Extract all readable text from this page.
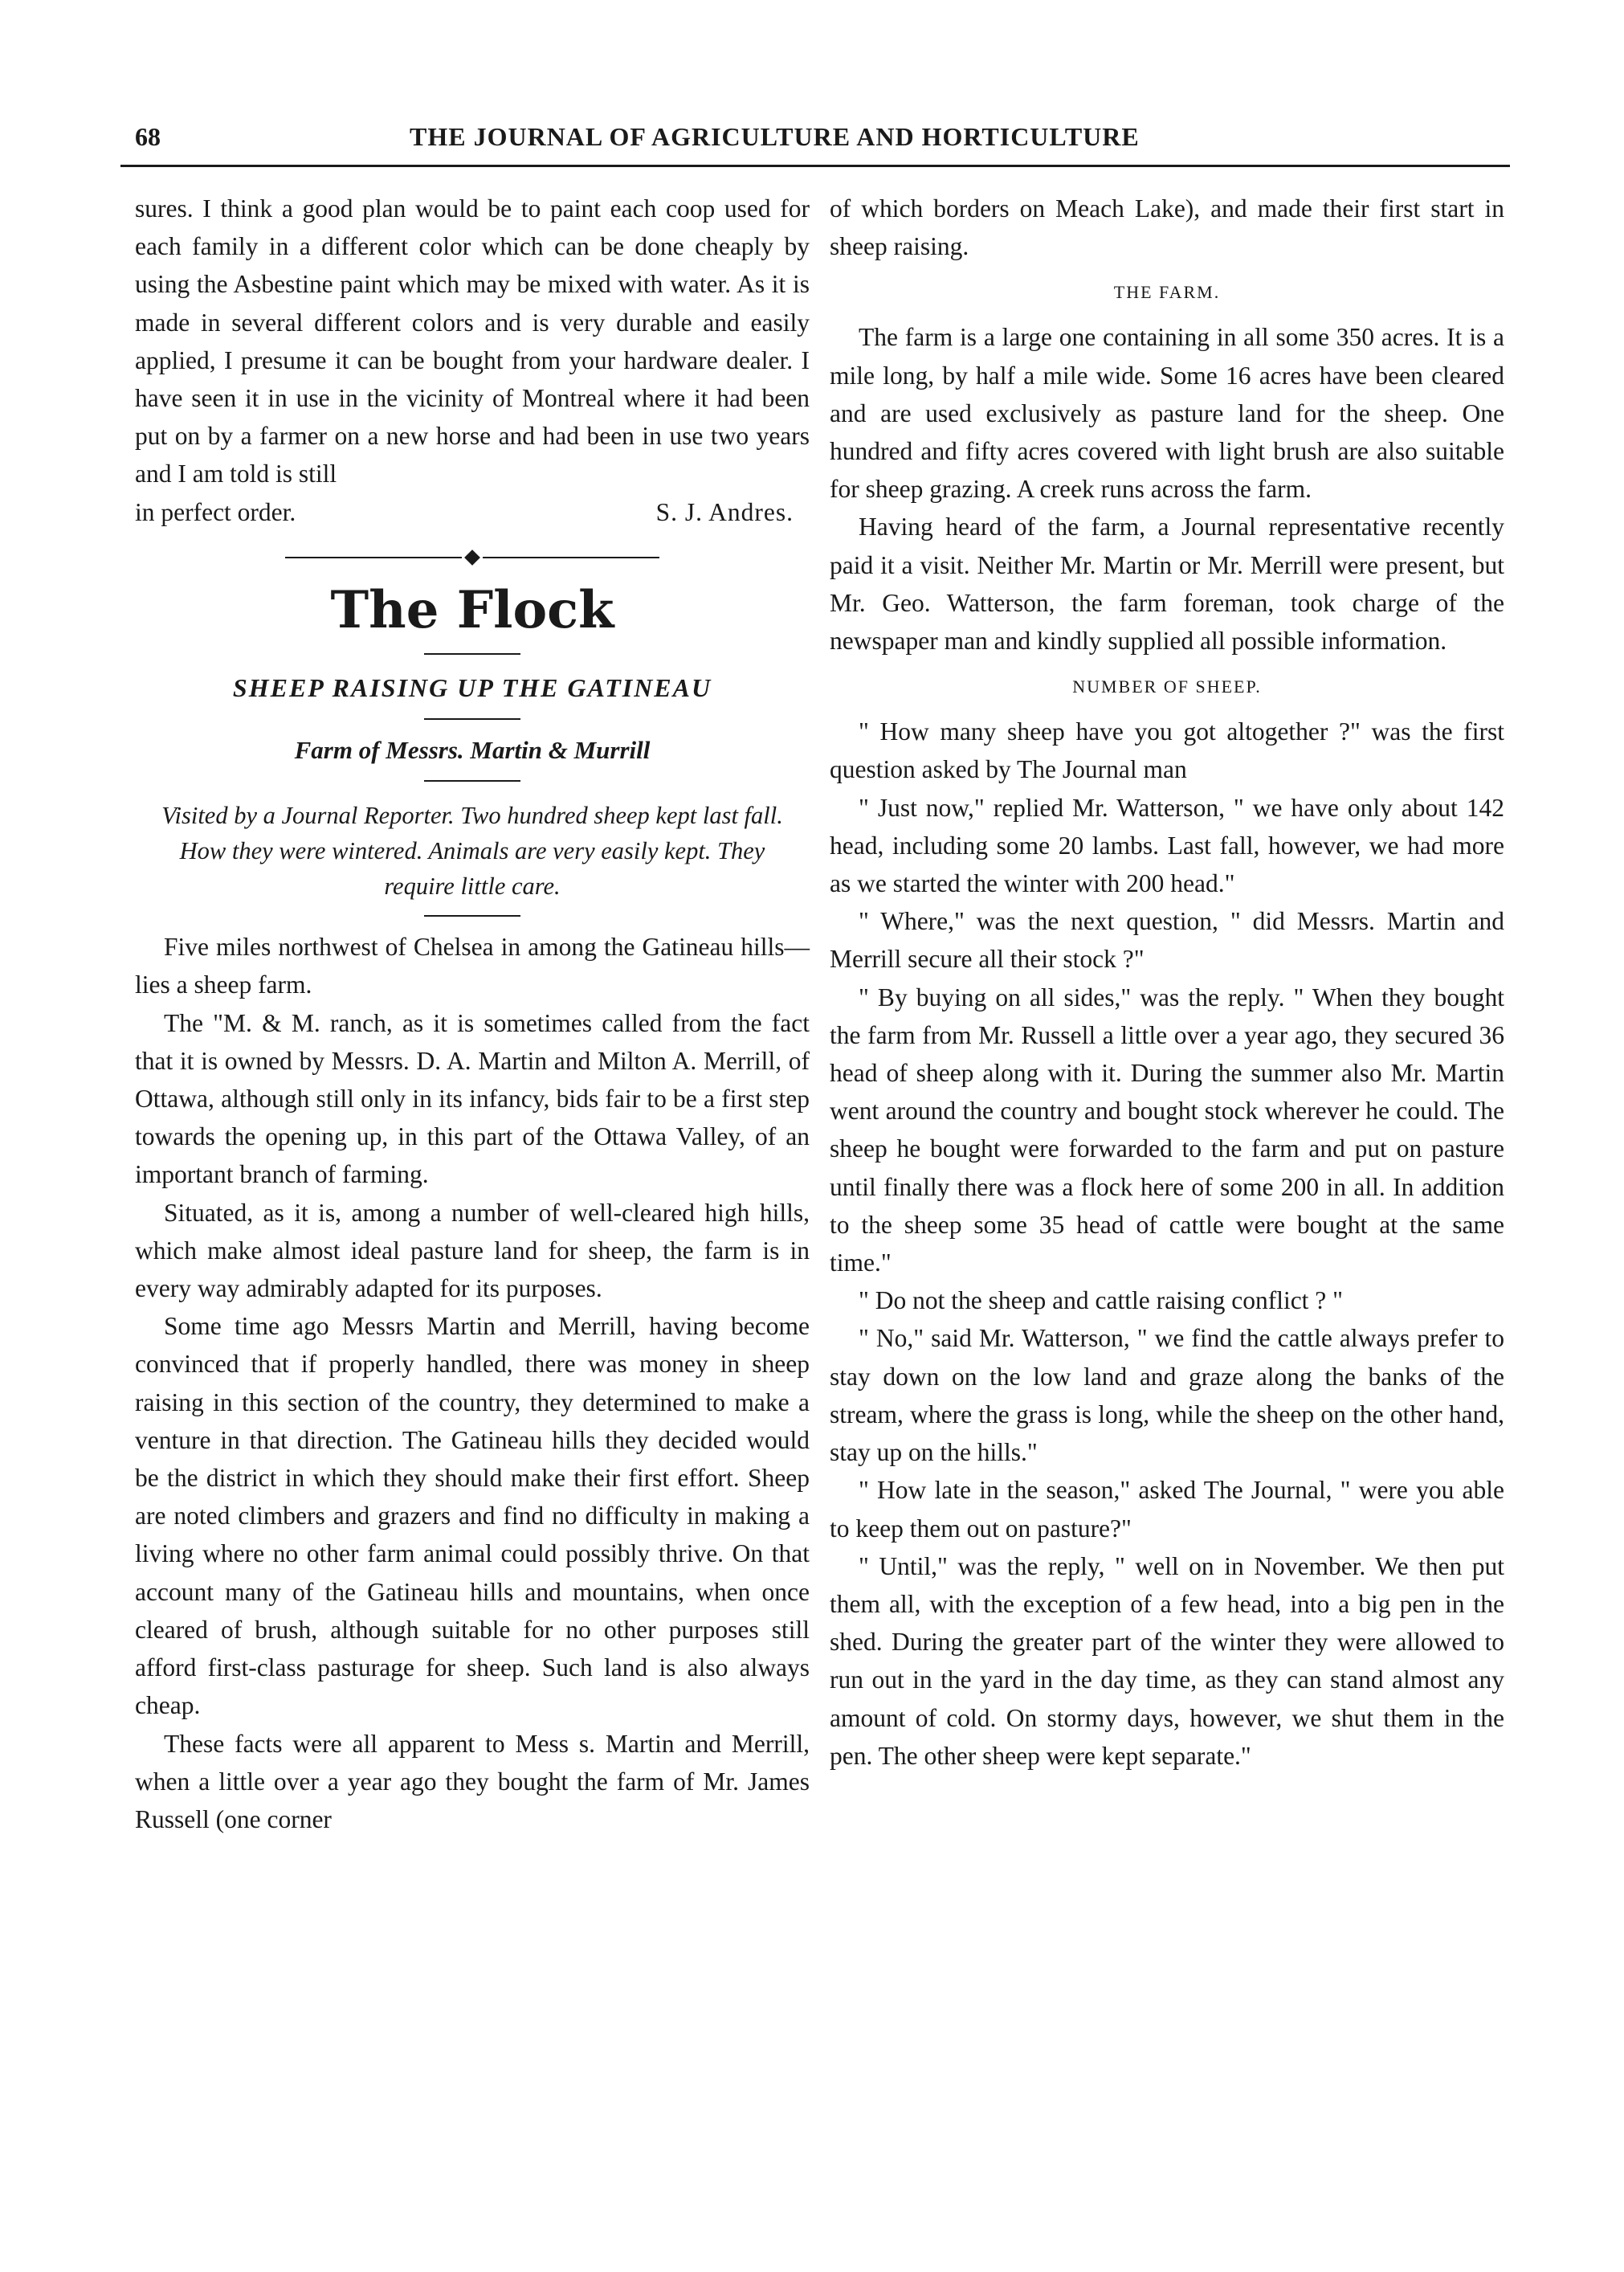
68	THE JOURNAL OF AGRICULTURE AND HORTICULTURE

sures. I think a good plan would be to paint each coop used for each family in a different color which can be done cheaply by using the Asbestine paint which may be mixed with water. As it is made in several different colors and is very durable and easily applied, I presume it can be bought from your hardware dealer. I have seen it in use in the vicinity of Montreal where it had been put on by a farmer on a new horse and had been in use two years and I am told is still

in perfect order.	S. J. Andres.
The Flock
SHEEP RAISING UP THE GATINEAU
Farm of Messrs. Martin & Murrill
Visited by a Journal Reporter. Two hundred sheep kept last fall. How they were wintered. Animals are very easily kept. They require little care.

Five miles northwest of Chelsea in among the Gatineau hills—lies a sheep farm.

The "M. & M. ranch, as it is sometimes called from the fact that it is owned by Messrs. D. A. Martin and Milton A. Merrill, of Ottawa, although still only in its infancy, bids fair to be a first step towards the opening up, in this part of the Ottawa Valley, of an important branch of farming.

Situated, as it is, among a number of well-cleared high hills, which make almost ideal pasture land for sheep, the farm is in every way admirably adapted for its purposes.

Some time ago Messrs Martin and Merrill, having become convinced that if properly handled, there was money in sheep raising in this section of the country, they determined to make a venture in that direction. The Gatineau hills they decided would be the district in which they should make their first effort. Sheep are noted climbers and grazers and find no difficulty in making a living where no other farm animal could possibly thrive. On that account many of the Gatineau hills and mountains, when once cleared of brush, although suitable for no other purposes still afford first-class pasturage for sheep. Such land is also always cheap.

These facts were all apparent to Mess s. Martin and Merrill, when a little over a year ago they bought the farm of Mr. James Russell (one corner

of which borders on Meach Lake), and made their first start in sheep raising.

THE FARM.

The farm is a large one containing in all some 350 acres. It is a mile long, by half a mile wide. Some 16 acres have been cleared and are used exclusively as pasture land for the sheep. One hundred and fifty acres covered with light brush are also suitable for sheep grazing. A creek runs across the farm.

Having heard of the farm, a Journal representative recently paid it a visit. Neither Mr. Martin or Mr. Merrill were present, but Mr. Geo. Watterson, the farm foreman, took charge of the newspaper man and kindly supplied all possible information.

NUMBER OF SHEEP.

" How many sheep have you got altogether ?" was the first question asked by The Journal man

" Just now," replied Mr. Watterson, " we have only about 142 head, including some 20 lambs. Last fall, however, we had more as we started the winter with 200 head."

" Where," was the next question, " did Messrs. Martin and Merrill secure all their stock ?"

" By buying on all sides," was the reply. " When they bought the farm from Mr. Russell a little over a year ago, they secured 36 head of sheep along with it. During the summer also Mr. Martin went around the country and bought stock wherever he could. The sheep he bought were forwarded to the farm and put on pasture until finally there was a flock here of some 200 in all. In addition to the sheep some 35 head of cattle were bought at the same time."

" Do not the sheep and cattle raising conflict ? "

" No," said Mr. Watterson, " we find the cattle always prefer to stay down on the low land and graze along the banks of the stream, where the grass is long, while the sheep on the other hand, stay up on the hills."

" How late in the season," asked The Journal, " were you able to keep them out on pasture?"

" Until," was the reply, " well on in November. We then put them all, with the exception of a few head, into a big pen in the shed. During the greater part of the winter they were allowed to run out in the yard in the day time, as they can stand almost any amount of cold. On stormy days, however, we shut them in the pen. The other sheep were kept separate."
